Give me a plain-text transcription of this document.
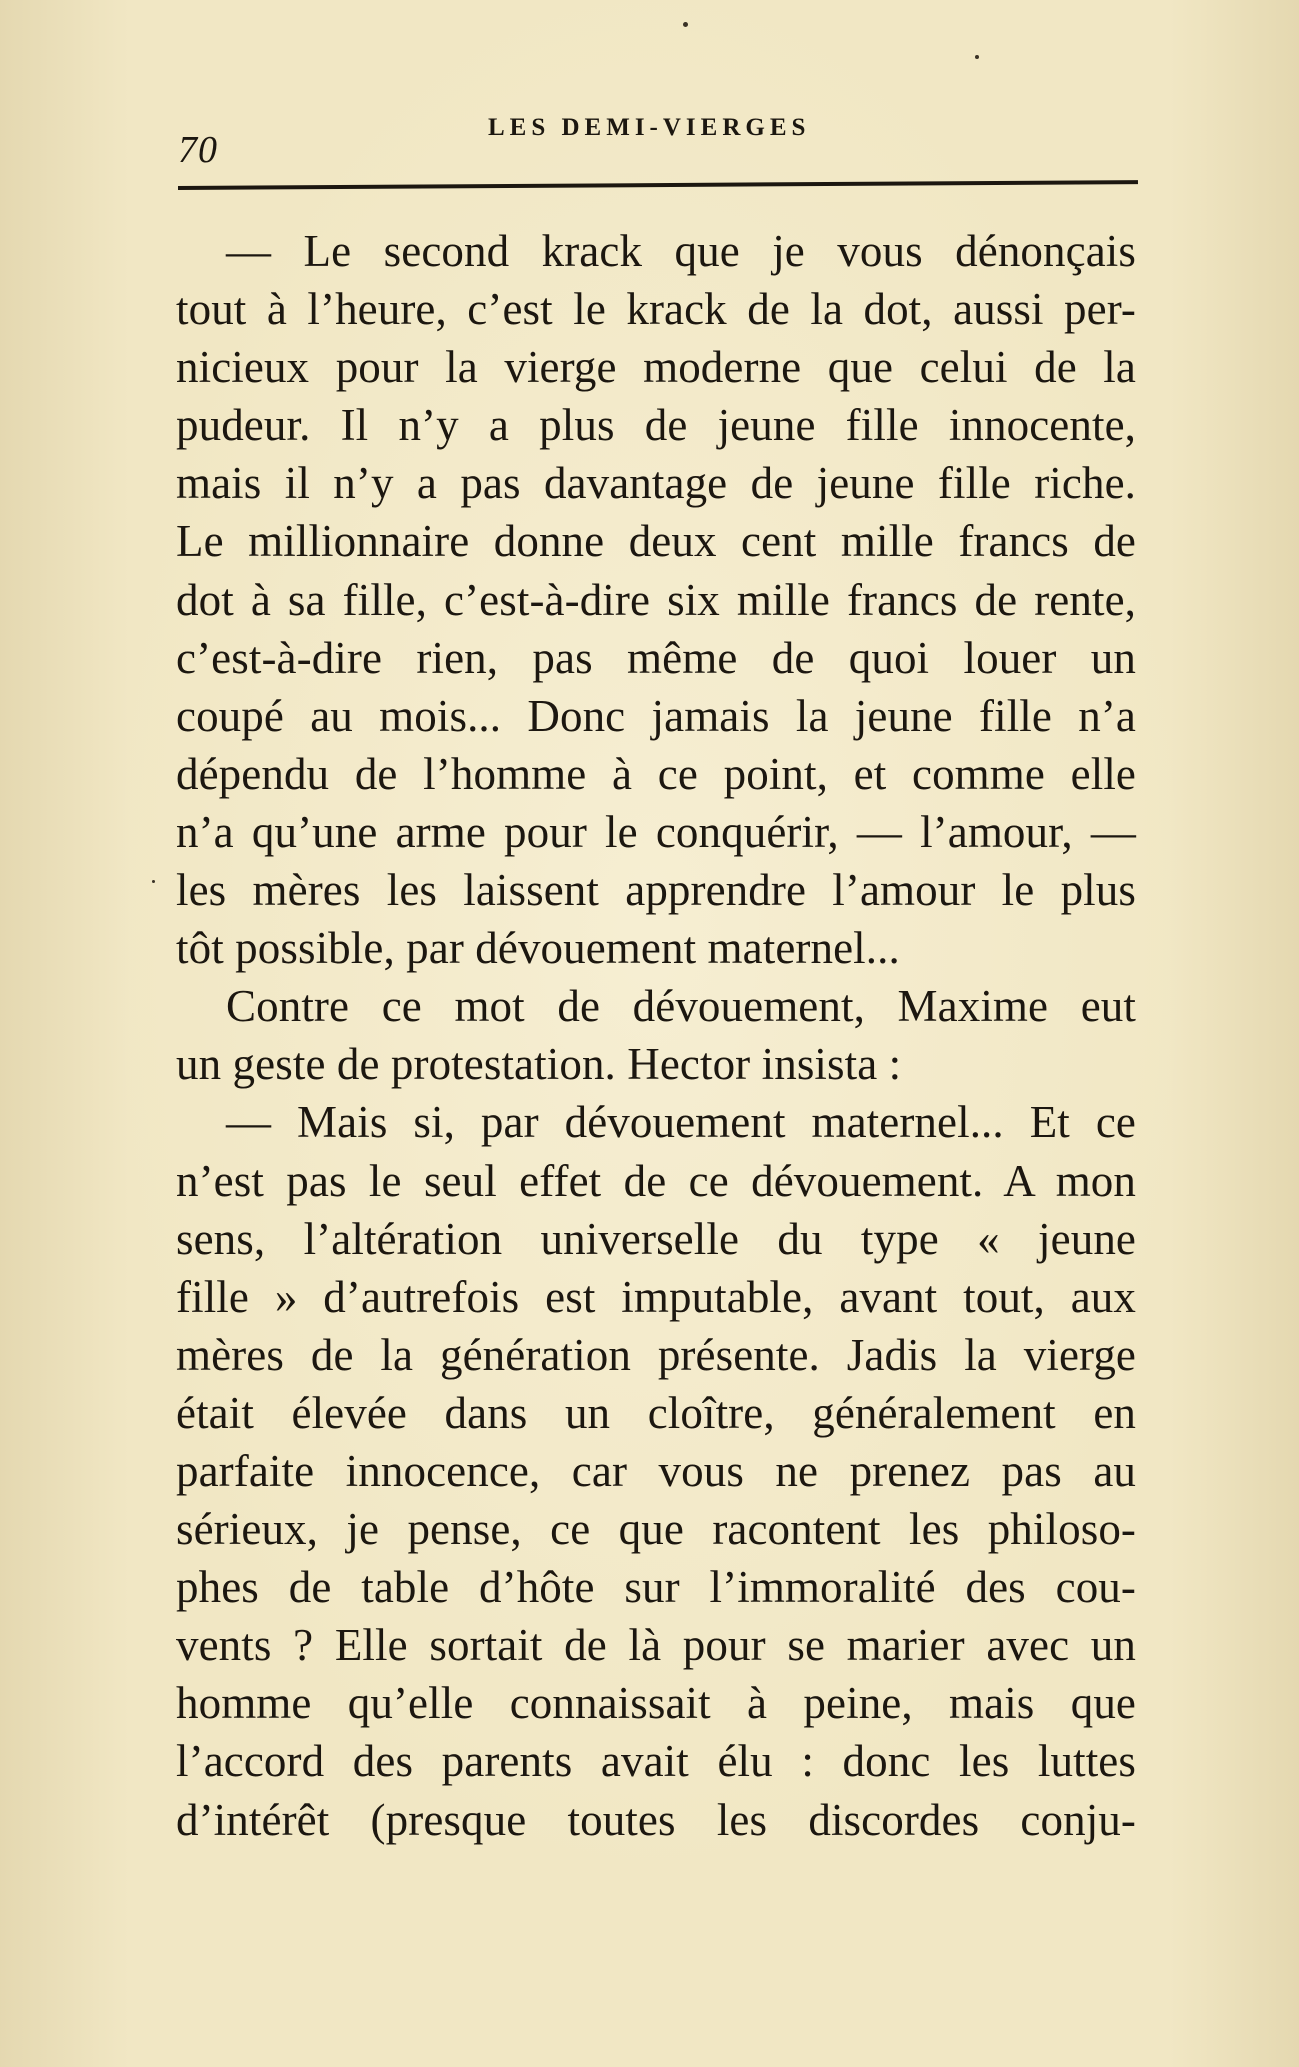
70
LES DEMI-VIERGES
— Le second krack que je vous dénonçais
tout à l’heure, c’est le krack de la dot, aussi per-
nicieux pour la vierge moderne que celui de la
pudeur. Il n’y a plus de jeune fille innocente,
mais il n’y a pas davantage de jeune fille riche.
Le millionnaire donne deux cent mille francs de
dot à sa fille, c’est-à-dire six mille francs de rente,
c’est-à-dire rien, pas même de quoi louer un
coupé au mois... Donc jamais la jeune fille n’a
dépendu de l’homme à ce point, et comme elle
n’a qu’une arme pour le conquérir, — l’amour, —
les mères les laissent apprendre l’amour le plus
tôt possible, par dévouement maternel...
Contre ce mot de dévouement, Maxime eut
un geste de protestation. Hector insista :
— Mais si, par dévouement maternel... Et ce
n’est pas le seul effet de ce dévouement. A mon
sens, l’altération universelle du type « jeune
fille » d’autrefois est imputable, avant tout, aux
mères de la génération présente. Jadis la vierge
était élevée dans un cloître, généralement en
parfaite innocence, car vous ne prenez pas au
sérieux, je pense, ce que racontent les philoso-
phes de table d’hôte sur l’immoralité des cou-
vents ? Elle sortait de là pour se marier avec un
homme qu’elle connaissait à peine, mais que
l’accord des parents avait élu : donc les luttes
d’intérêt (presque toutes les discordes conju-
